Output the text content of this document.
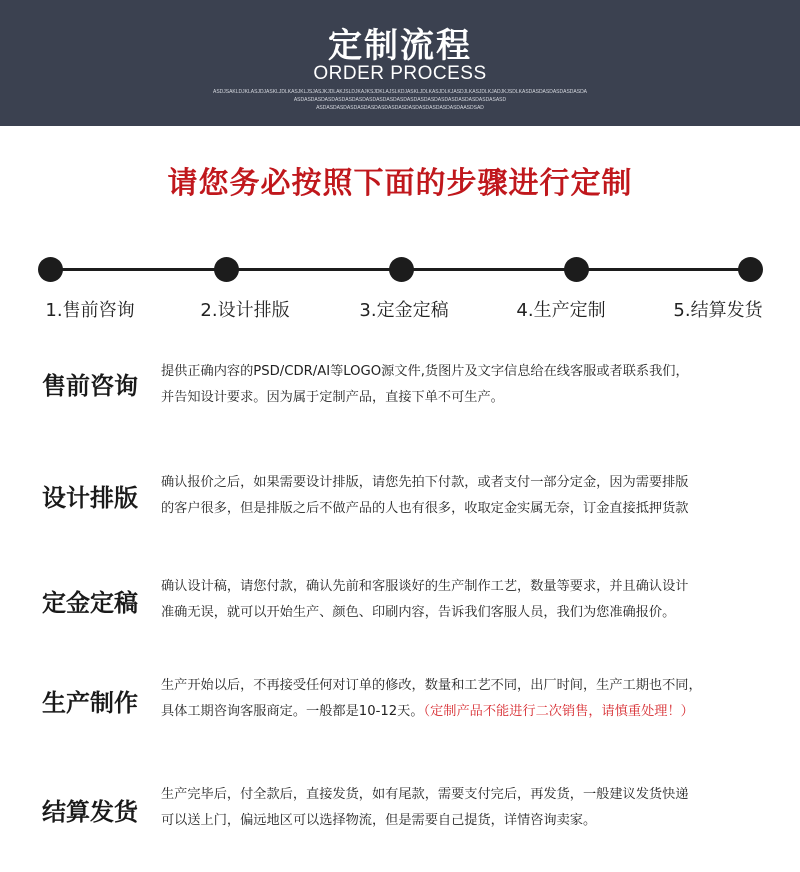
定制流程
ORDER PROCESS
ASDJSAKLDJKLASJDJASKLJDLKASJKLJSJASJKJDLAKJSLDJKAJKSJDKLAJSLKDJASKLJDLKASJDLKJASDJLKASJDLKJADJKJSDLKASDASDASDASDASDASDA
ASDASDASDASDASDASDASDASDASDASDASDASDASDASDASDASDASDASDASDASASD
ASDASDASDASDASDASDASDASDASDASDASDASDASDASDAASDSAD
请您务必按照下面的步骤进行定制
1.售前咨询	2.设计排版	3.定金定稿	4.生产定制	5.结算发货
售前咨询
提供正确内容的PSD/CDR/AI等LOGO源文件,货图片及文字信息给在线客服或者联系我们，
并告知设计要求。因为属于定制产品，直接下单不可生产。
设计排版
确认报价之后，如果需要设计排版，请您先拍下付款，或者支付一部分定金，因为需要排版
的客户很多，但是排版之后不做产品的人也有很多，收取定金实属无奈，订金直接抵押货款
定金定稿
确认设计稿，请您付款，确认先前和客服谈好的生产制作工艺，数量等要求，并且确认设计
准确无误，就可以开始生产、颜色、印刷内容，告诉我们客服人员，我们为您准确报价。
生产制作
生产开始以后，不再接受任何对订单的修改，数量和工艺不同，出厂时间，生产工期也不同，
具体工期咨询客服商定。一般都是10-12天。（定制产品不能进行二次销售，请慎重处理！）
结算发货
生产完毕后，付全款后，直接发货，如有尾款，需要支付完后，再发货，一般建议发货快递
可以送上门，偏远地区可以选择物流，但是需要自己提货，详情咨询卖家。
